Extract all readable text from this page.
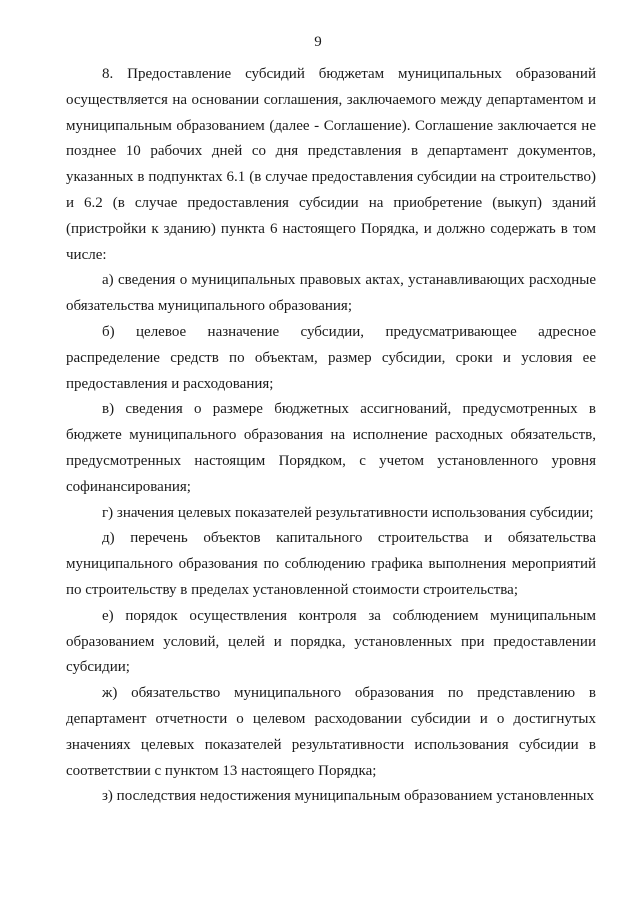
9

8. Предоставление субсидий бюджетам муниципальных образований осуществляется на основании соглашения, заключаемого между департаментом и муниципальным образованием (далее - Соглашение). Соглашение заключается не позднее 10 рабочих дней со дня представления в департамент документов, указанных в подпунктах 6.1 (в случае предоставления субсидии на строительство) и 6.2 (в случае предоставления субсидии на приобретение (выкуп) зданий (пристройки к зданию) пункта 6 настоящего Порядка, и должно содержать в том числе:

а) сведения о муниципальных правовых актах, устанавливающих расходные обязательства муниципального образования;

б) целевое назначение субсидии, предусматривающее адресное распределение средств по объектам, размер субсидии, сроки и условия ее предоставления и расходования;

в) сведения о размере бюджетных ассигнований, предусмотренных в бюджете муниципального образования на исполнение расходных обязательств, предусмотренных настоящим Порядком, с учетом установленного уровня софинансирования;

г) значения целевых показателей результативности использования субсидии;

д) перечень объектов капитального строительства и обязательства муниципального образования по соблюдению графика выполнения мероприятий по строительству в пределах установленной стоимости строительства;

е) порядок осуществления контроля за соблюдением муниципальным образованием условий, целей и порядка, установленных при предоставлении субсидии;

ж) обязательство муниципального образования по представлению в департамент отчетности о целевом расходовании субсидии и о достигнутых значениях целевых показателей результативности использования субсидии в соответствии с пунктом 13 настоящего Порядка;

з) последствия недостижения муниципальным образованием установленных
